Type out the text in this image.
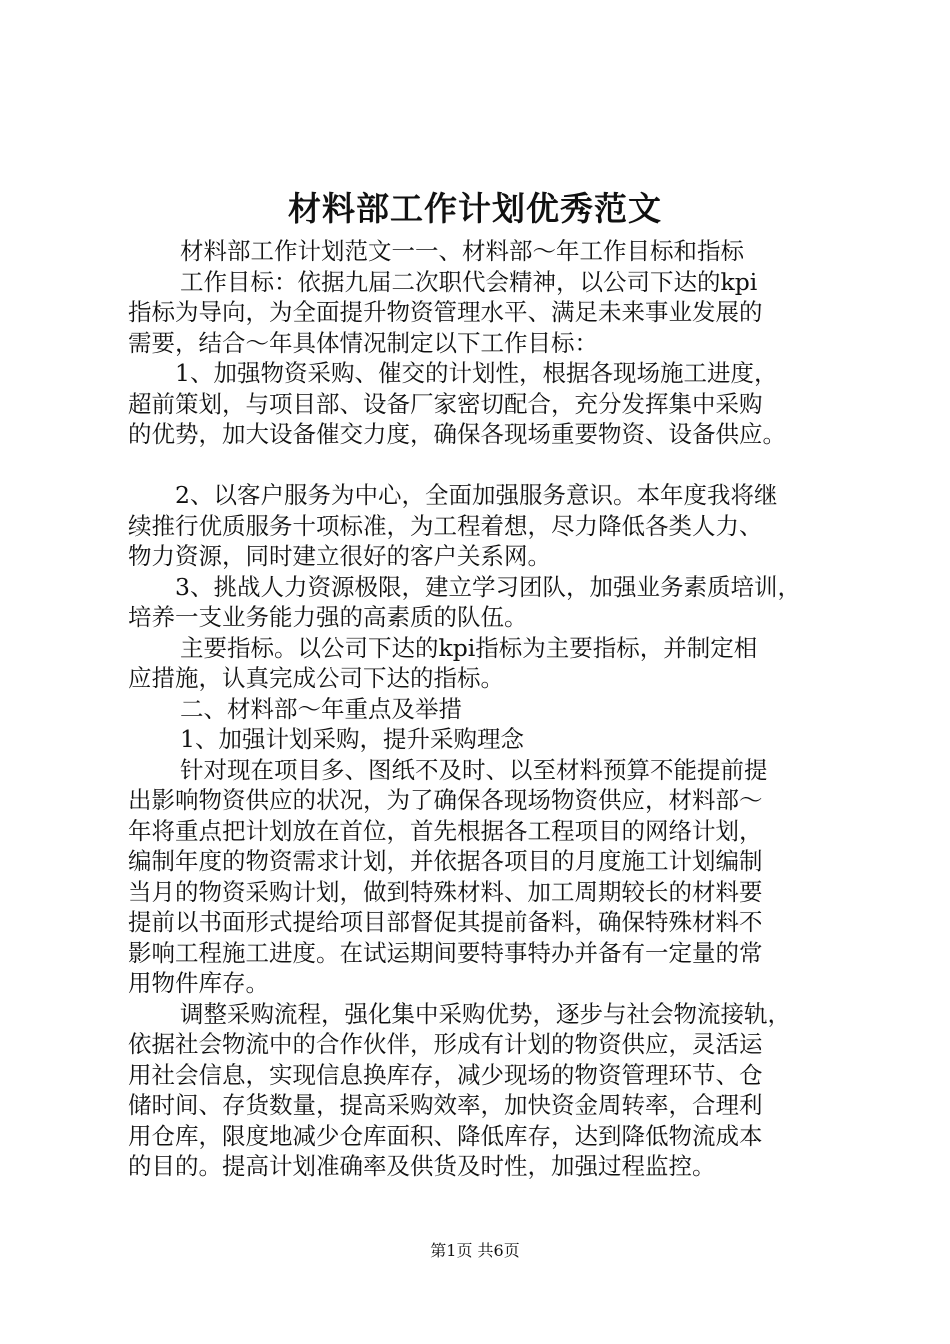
材料部工作计划优秀范文
材料部工作计划范文一一、材料部～年工作目标和指标
工作目标：依据九届二次职代会精神，以公司下达的kpi
指标为导向，为全面提升物资管理水平、满足未来事业发展的
需要，结合～年具体情况制定以下工作目标：
1、加强物资采购、催交的计划性，根据各现场施工进度，
超前策划，与项目部、设备厂家密切配合，充分发挥集中采购
的优势，加大设备催交力度，确保各现场重要物资、设备供应。
2、以客户服务为中心，全面加强服务意识。本年度我将继
续推行优质服务十项标准，为工程着想，尽力降低各类人力、
物力资源，同时建立很好的客户关系网。
3、挑战人力资源极限，建立学习团队，加强业务素质培训，
培养一支业务能力强的高素质的队伍。
主要指标。以公司下达的kpi指标为主要指标，并制定相
应措施，认真完成公司下达的指标。
二、材料部～年重点及举措
1、加强计划采购，提升采购理念
针对现在项目多、图纸不及时、以至材料预算不能提前提
出影响物资供应的状况，为了确保各现场物资供应，材料部～
年将重点把计划放在首位，首先根据各工程项目的网络计划，
编制年度的物资需求计划，并依据各项目的月度施工计划编制
当月的物资采购计划，做到特殊材料、加工周期较长的材料要
提前以书面形式提给项目部督促其提前备料，确保特殊材料不
影响工程施工进度。在试运期间要特事特办并备有一定量的常
用物件库存。
调整采购流程，强化集中采购优势，逐步与社会物流接轨，
依据社会物流中的合作伙伴，形成有计划的物资供应，灵活运
用社会信息，实现信息换库存，减少现场的物资管理环节、仓
储时间、存货数量，提高采购效率，加快资金周转率，合理利
用仓库，限度地减少仓库面积、降低库存，达到降低物流成本
的目的。提高计划准确率及供货及时性，加强过程监控。
第1页 共6页
